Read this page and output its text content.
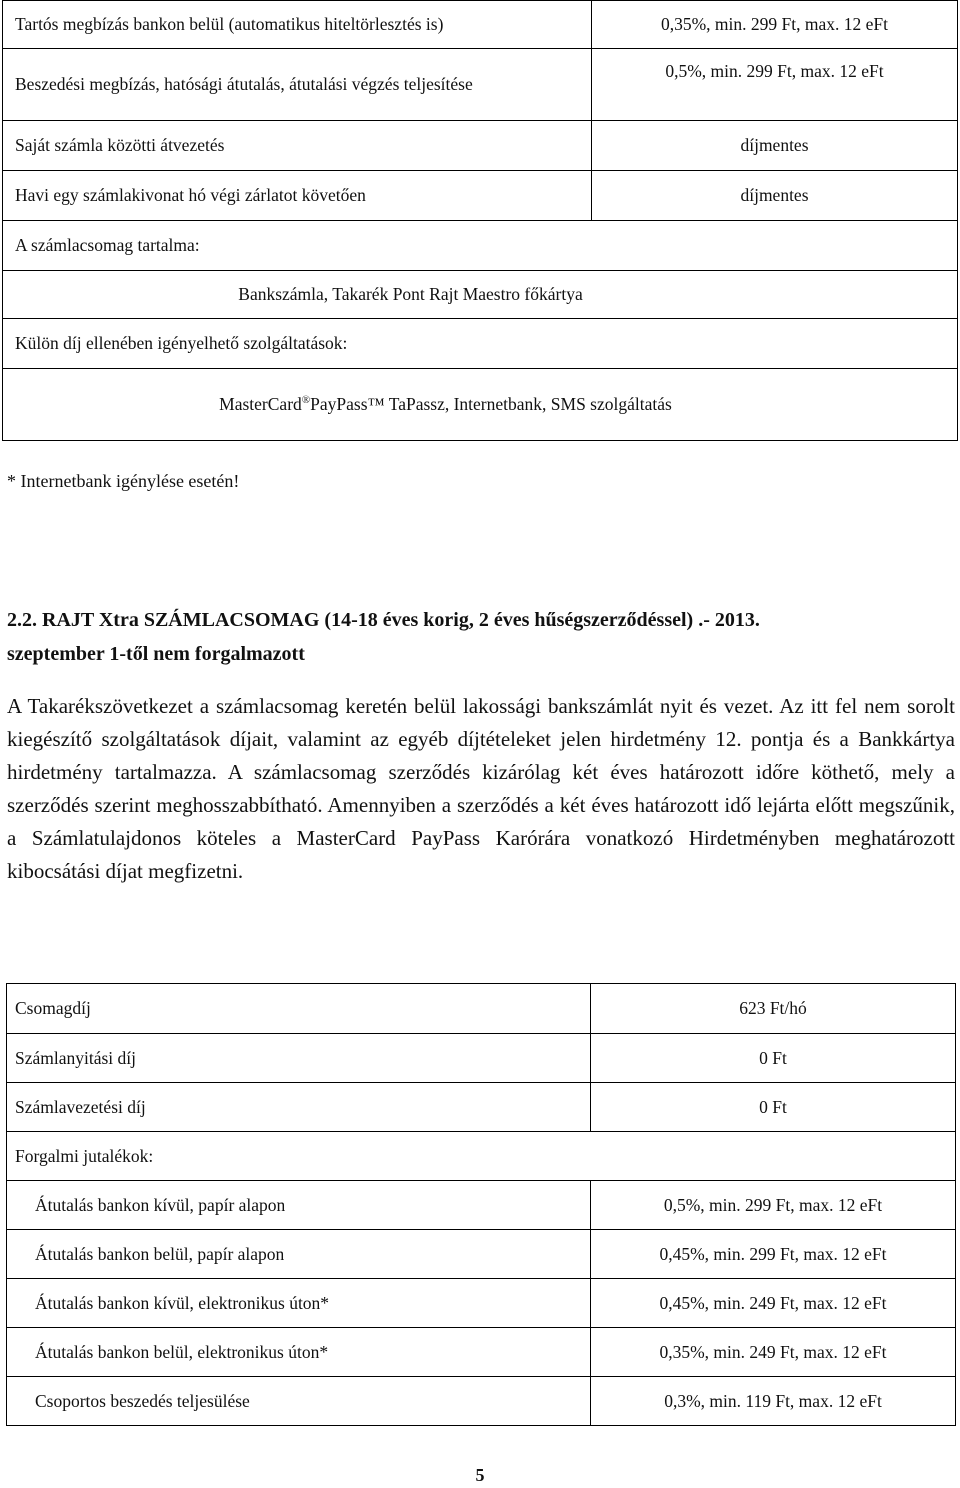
Tartós megbízás bankon belül (automatikus hiteltörlesztés is)	0,35%, min. 299 Ft, max. 12 eFt
Beszedési megbízás, hatósági átutalás, átutalási végzés teljesítése	0,5%, min. 299 Ft, max. 12 eFt
Saját számla közötti átvezetés	díjmentes
Havi egy számlakivonat hó végi zárlatot követően	díjmentes
A számlacsomag tartalma:	
Bankszámla, Takarék Pont Rajt Maestro főkártya	
Külön díj ellenében igényelhető szolgáltatások:	
MasterCard®PayPass™ TaPassz, Internetbank, SMS szolgáltatás	
* Internetbank igénylése esetén!
2.2. RAJT Xtra SZÁMLACSOMAG (14-18 éves korig, 2 éves hűségszerződéssel) .- 2013.
szeptember 1-től nem forgalmazott
A Takarékszövetkezet a számlacsomag keretén belül lakossági bankszámlát nyit és vezet. Az itt fel nem sorolt kiegészítő szolgáltatások díjait, valamint az egyéb díjtételeket jelen hirdetmény 12. pontja és a Bankkártya hirdetmény tartalmazza. A számlacsomag szerződés kizárólag két éves határozott időre köthető, mely a szerződés szerint meghosszabbítható. Amennyiben a szerződés a két éves határozott idő lejárta előtt megszűnik, a Számlatulajdonos köteles a MasterCard PayPass Karórára vonatkozó Hirdetményben meghatározott kibocsátási díjat megfizetni.
Csomagdíj	623 Ft/hó
Számlanyitási díj	0 Ft
Számlavezetési díj	0 Ft
Forgalmi jutalékok:	
Átutalás bankon kívül, papír alapon	0,5%, min. 299 Ft, max. 12 eFt
Átutalás bankon belül, papír alapon	0,45%, min. 299 Ft, max. 12 eFt
Átutalás bankon kívül, elektronikus úton*	0,45%, min. 249 Ft, max. 12 eFt
Átutalás bankon belül, elektronikus úton*	0,35%, min. 249 Ft, max. 12 eFt
Csoportos beszedés teljesülése	0,3%, min. 119 Ft, max. 12 eFt
5
